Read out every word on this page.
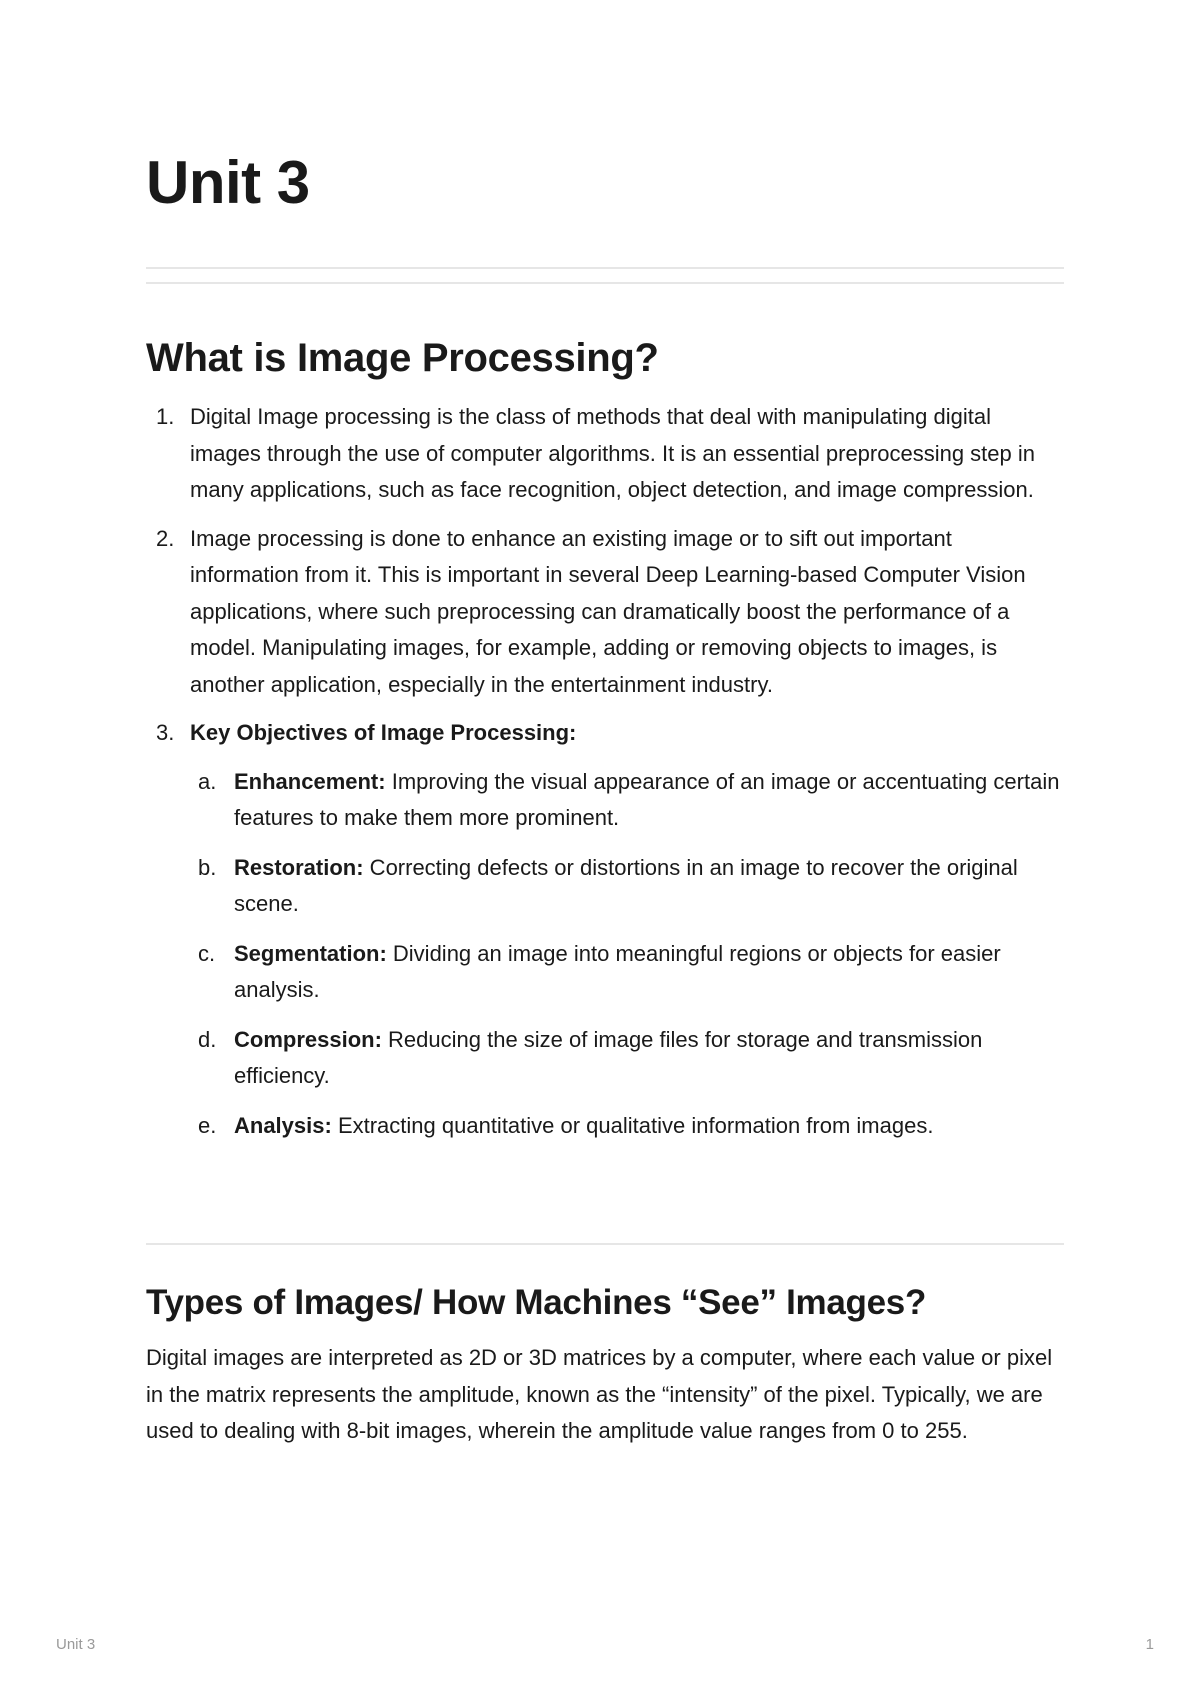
Unit 3
What is Image Processing?
1. Digital Image processing is the class of methods that deal with manipulating digital images through the use of computer algorithms. It is an essential preprocessing step in many applications, such as face recognition, object detection, and image compression.
2. Image processing is done to enhance an existing image or to sift out important information from it. This is important in several Deep Learning-based Computer Vision applications, where such preprocessing can dramatically boost the performance of a model. Manipulating images, for example, adding or removing objects to images, is another application, especially in the entertainment industry.
3. Key Objectives of Image Processing:
a. Enhancement: Improving the visual appearance of an image or accentuating certain features to make them more prominent.
b. Restoration: Correcting defects or distortions in an image to recover the original scene.
c. Segmentation: Dividing an image into meaningful regions or objects for easier analysis.
d. Compression: Reducing the size of image files for storage and transmission efficiency.
e. Analysis: Extracting quantitative or qualitative information from images.
Types of Images/ How Machines “See” Images?

Digital images are interpreted as 2D or 3D matrices by a computer, where each value or pixel in the matrix represents the amplitude, known as the “intensity” of the pixel. Typically, we are used to dealing with 8-bit images, wherein the amplitude value ranges from 0 to 255.

Unit 3	1
